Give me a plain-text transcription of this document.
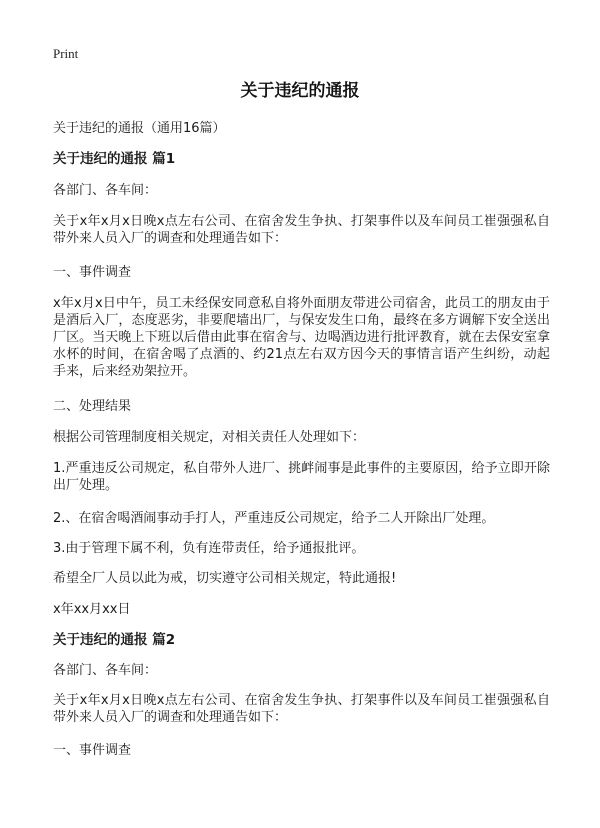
Print
关于违纪的通报

关于违纪的通报（通用16篇）

关于违纪的通报 篇1

各部门、各车间：

关于x年x月x日晚x点左右公司、在宿舍发生争执、打架事件以及车间员工崔强强私自带外来人员入厂的调查和处理通告如下：

一、事件调查

x年x月x日中午，员工未经保安同意私自将外面朋友带进公司宿舍，此员工的朋友由于是酒后入厂，态度恶劣，非要爬墙出厂，与保安发生口角，最终在多方调解下安全送出厂区。当天晚上下班以后借由此事在宿舍与、边喝酒边进行批评教育，就在去保安室拿水杯的时间，在宿舍喝了点酒的、约21点左右双方因今天的事情言语产生纠纷，动起手来，后来经劝架拉开。

二、处理结果

根据公司管理制度相关规定，对相关责任人处理如下：

1.严重违反公司规定，私自带外人进厂、挑衅闹事是此事件的主要原因，给予立即开除出厂处理。

2.、在宿舍喝酒闹事动手打人，严重违反公司规定，给予二人开除出厂处理。

3.由于管理下属不利，负有连带责任，给予通报批评。

希望全厂人员以此为戒，切实遵守公司相关规定，特此通报!

x年xx月xx日

关于违纪的通报 篇2

各部门、各车间：

关于x年x月x日晚x点左右公司、在宿舍发生争执、打架事件以及车间员工崔强强私自带外来人员入厂的调查和处理通告如下：

一、事件调查
